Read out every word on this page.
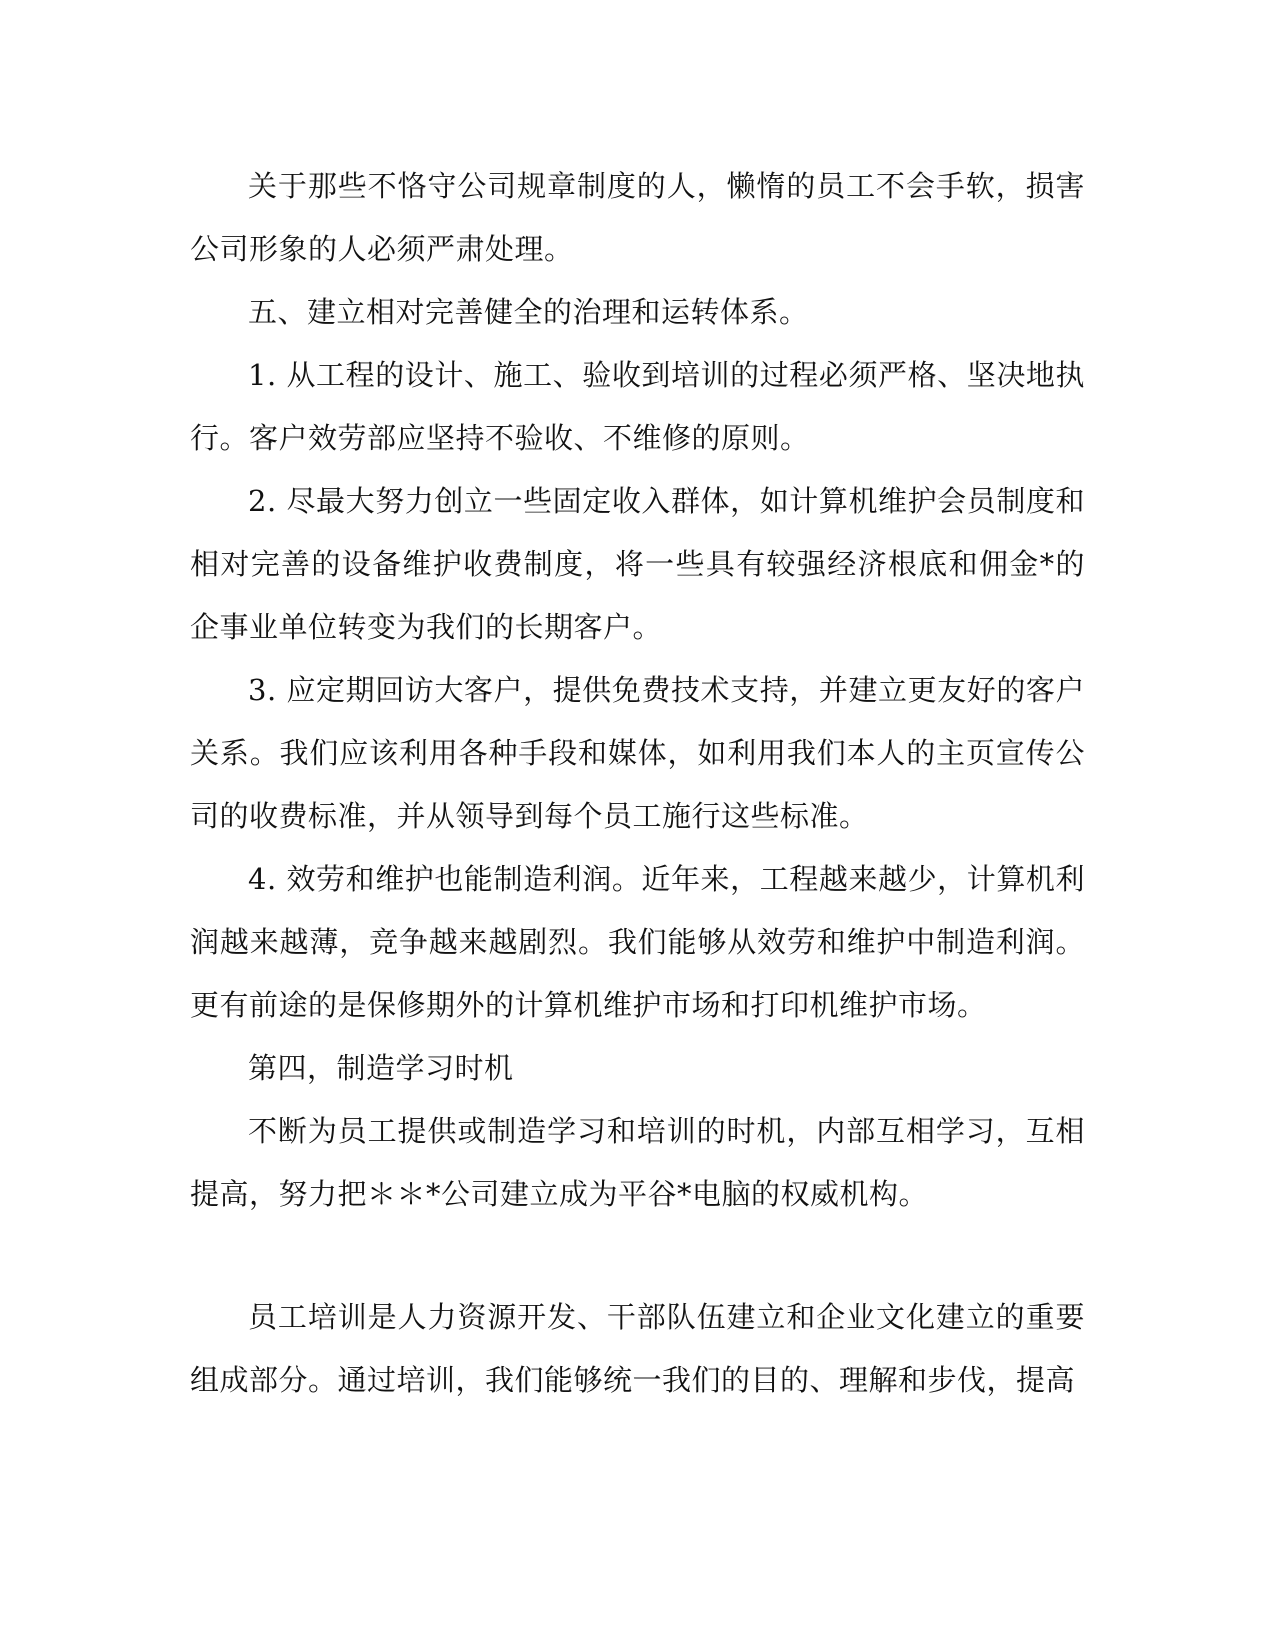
关于那些不恪守公司规章制度的人，懒惰的员工不会手软，损害公司形象的人必须严肃处理。

五、建立相对完善健全的治理和运转体系。

1. 从工程的设计、施工、验收到培训的过程必须严格、坚决地执行。客户效劳部应坚持不验收、不维修的原则。

2. 尽最大努力创立一些固定收入群体，如计算机维护会员制度和相对完善的设备维护收费制度，将一些具有较强经济根底和佣金*的企事业单位转变为我们的长期客户。

3. 应定期回访大客户，提供免费技术支持，并建立更友好的客户关系。我们应该利用各种手段和媒体，如利用我们本人的主页宣传公司的收费标准，并从领导到每个员工施行这些标准。

4. 效劳和维护也能制造利润。近年来，工程越来越少，计算机利润越来越薄，竞争越来越剧烈。我们能够从效劳和维护中制造利润。更有前途的是保修期外的计算机维护市场和打印机维护市场。

第四，制造学习时机

不断为员工提供或制造学习和培训的时机，内部互相学习，互相提高，努力把＊＊*公司建立成为平谷*电脑的权威机构。

员工培训是人力资源开发、干部队伍建立和企业文化建立的重要组成部分。通过培训，我们能够统一我们的目的、理解和步伐，提高
